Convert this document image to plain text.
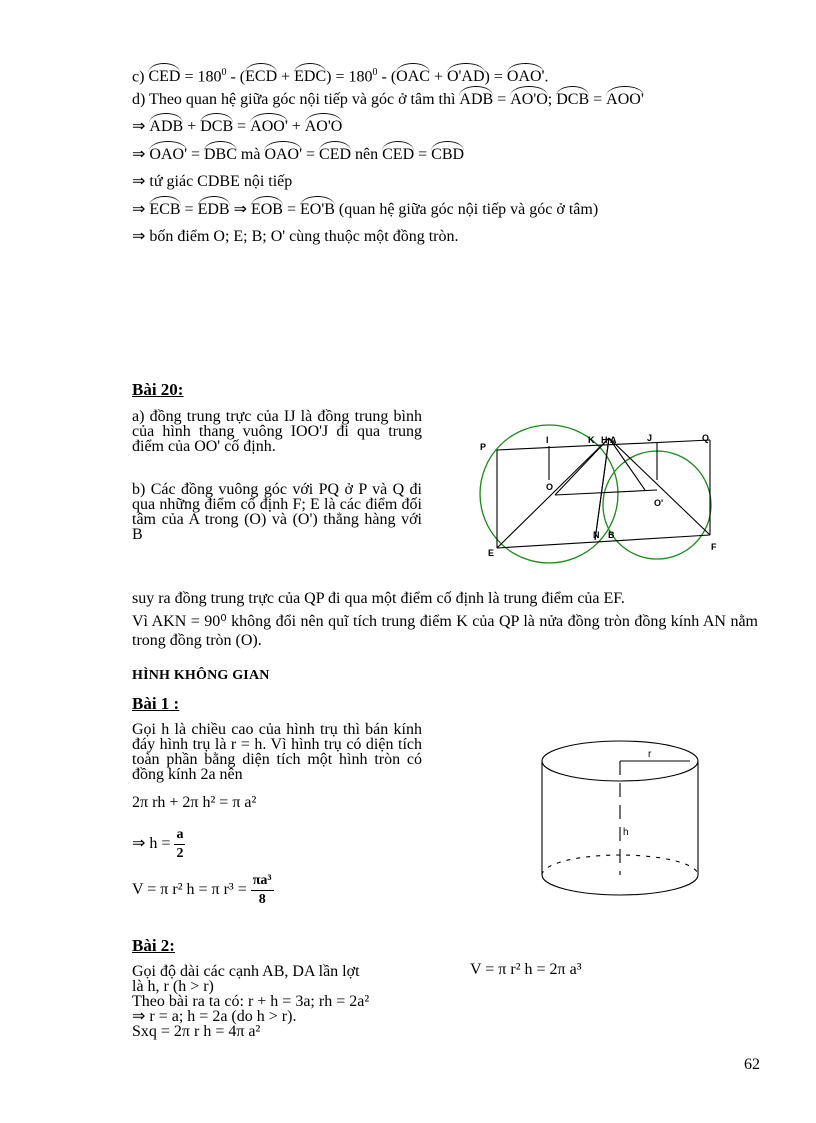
c) CED = $180^0 - (ECD + EDC) = 180^0 - (OAC + O'AD) = OAO'$.
d) Theo quan hệ giữa góc nội tiếp và góc ở tâm thì ADB = AO'O; DCB = AOO'
⇒ ADB + DCB = AOO' + AO'O
⇒ OAO' = DBC mà OAO' = CED nên CED = CBD
⇒ tứ giác CDBE nội tiếp
⇒ ECB = EDB ⇒ EOB = EO'B (quan hệ giữa góc nội tiếp và góc ở tâm)
⇒ bốn điểm O; E; B; O' cùng thuộc một đồng tròn.
Bài 20:
a) đồng trung trực của IJ là đồng trung bình của hình thang vuông IOO'J đi qua trung điểm của OO' cố định.
b) Các đồng vuông góc với PQ ở P và Q đi qua những điểm cố định F; E là các điểm đối tâm của A trong (O) và (O') thẳng hàng với B
P
I	K H A	J	Q
O
O'
N B
E
F
suy ra đồng trung trực của QP đi qua một điểm cố định là trung điểm của EF.
Vì AKN = 90⁰ không đổi nên quĩ tích trung điểm K của QP là nửa đồng tròn đồng kính AN nằm trong đồng tròn (O).
HÌNH KHÔNG GIAN
Bài 1 :
Gọi h là chiều cao của hình trụ thì bán kính đáy hình trụ là r = h. Vì hình trụ có diện tích toàn phần bằng diện tích một hình tròn có đồng kính 2a nên
2π rh + 2π h² = π a²
⇒ $h = \frac{a}{2}$
V = π r² h = π $r^3 = \frac{\text{πa³}}{8}$
r
h
Bài 2:
Gọi độ dài các cạnh AB, DA lần lợt
là h, r (h > r)
Theo bài ra ta có: r + h = 3a; rh = 2a²
⇒ r = a; h = 2a (do h > r).
Sxq = 2π r h = 4π a²
V = π r² h = 2π a³
62
